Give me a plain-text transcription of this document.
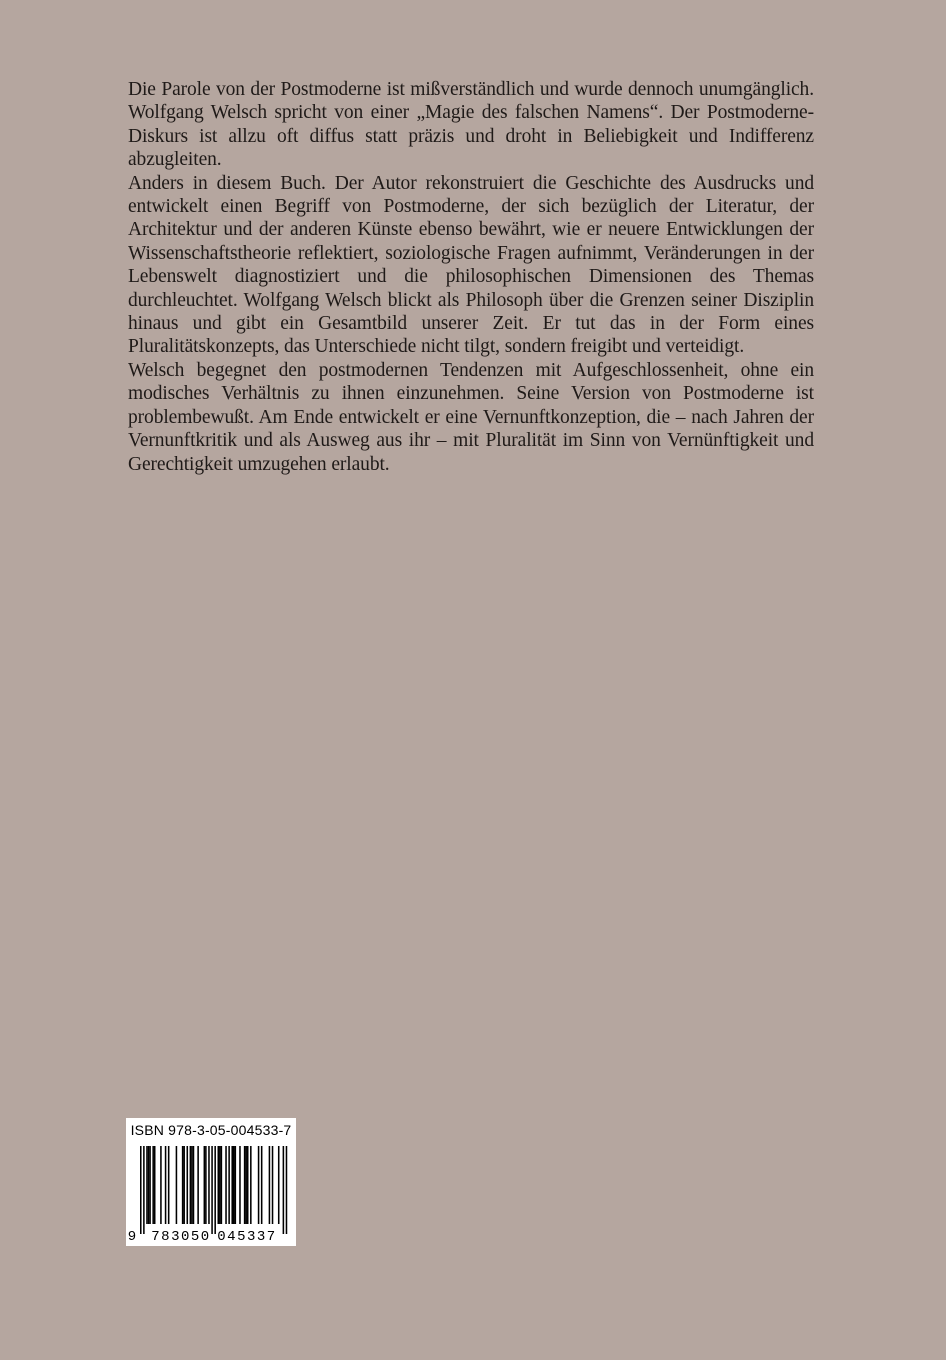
Die Parole von der Postmoderne ist mißverständlich und wurde dennoch unumgänglich. Wolfgang Welsch spricht von einer „Magie des falschen Namens“. Der Postmoderne-Diskurs ist allzu oft diffus statt präzis und droht in Beliebigkeit und Indifferenz abzugleiten.

Anders in diesem Buch. Der Autor rekonstruiert die Geschichte des Ausdrucks und entwickelt einen Begriff von Postmoderne, der sich bezüglich der Literatur, der Architektur und der anderen Künste ebenso bewährt, wie er neuere Entwicklungen der Wissenschaftstheorie reflektiert, soziologische Fragen aufnimmt, Veränderungen in der Lebenswelt diagnostiziert und die philosophischen Dimensionen des Themas durchleuchtet. Wolfgang Welsch blickt als Philosoph über die Grenzen seiner Disziplin hinaus und gibt ein Gesamtbild unserer Zeit. Er tut das in der Form eines Pluralitätskonzepts, das Unterschiede nicht tilgt, sondern freigibt und verteidigt.

Welsch begegnet den postmodernen Tendenzen mit Aufgeschlossenheit, ohne ein modisches Verhältnis zu ihnen einzunehmen. Seine Version von Postmoderne ist problembewußt. Am Ende entwickelt er eine Vernunftkonzeption, die – nach Jahren der Vernunftkritik und als Ausweg aus ihr – mit Pluralität im Sinn von Vernünftigkeit und Gerechtigkeit umzugehen erlaubt.

ISBN 978-3-05-004533-7
9 783050 045337
